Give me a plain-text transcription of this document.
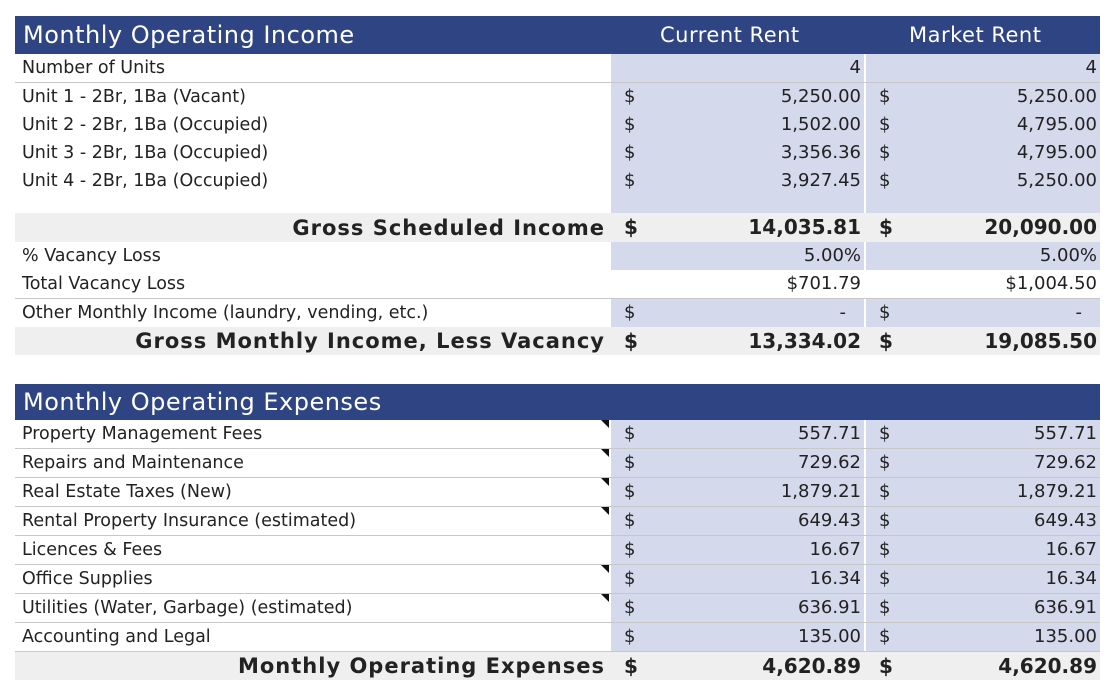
Monthly Operating Income	Current Rent	Market Rent
Number of Units	4	4
Unit 1 - 2Br, 1Ba (Vacant)	$	5,250.00 $	5,250.00
Unit 2 - 2Br, 1Ba (Occupied)	$	1,502.00 $	4,795.00
Unit 3 - 2Br, 1Ba (Occupied)	$	3,356.36 $	4,795.00
Unit 4 - 2Br, 1Ba (Occupied)	$	3,927.45 $	5,250.00
Gross Scheduled Income $	14,035.81 $	20,090.00
% Vacancy Loss	5.00%	5.00%
Total Vacancy Loss	$701.79	$1,004.50
Other Monthly Income (laundry, vending, etc.)	$	- $	-
Gross Monthly Income, Less Vacancy $	13,334.02 $	19,085.50
Monthly Operating Expenses
Property Management Fees	$	557.71 $	557.71
Repairs and Maintenance	$	729.62 $	729.62
Real Estate Taxes (New)	$	1,879.21 $	1,879.21
Rental Property Insurance (estimated)	$	649.43 $	649.43
Licences & Fees	$	16.67 $	16.67
Office Supplies	$	16.34 $	16.34
Utilities (Water, Garbage) (estimated)	$	636.91 $	636.91
Accounting and Legal	$	135.00 $	135.00
Monthly Operating Expenses $	4,620.89 $	4,620.89
